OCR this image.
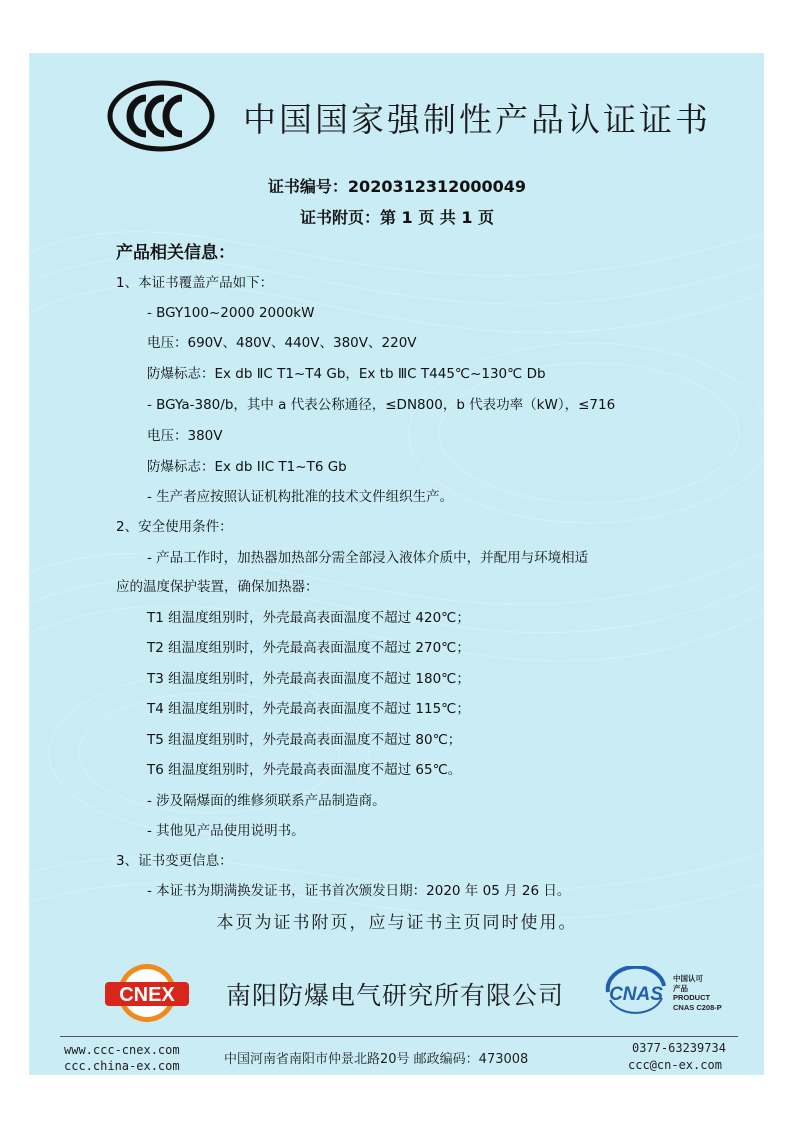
中国国家强制性产品认证证书
证书编号：2020312312000049
证书附页：第 1 页 共 1 页
产品相关信息：
1、本证书覆盖产品如下：
- BGY100~2000 2000kW
电压：690V、480V、440V、380V、220V
防爆标志：Ex db ⅡC T1~T4 Gb，Ex tb ⅢC T445℃~130℃ Db
- BGYa-380/b，其中 a 代表公称通径，≤DN800，b 代表功率（kW），≤716
电压：380V
防爆标志：Ex db IIC T1~T6 Gb
- 生产者应按照认证机构批准的技术文件组织生产。
2、安全使用条件：
- 产品工作时，加热器加热部分需全部浸入液体介质中，并配用与环境相适
应的温度保护装置，确保加热器：
T1 组温度组别时，外壳最高表面温度不超过 420℃；
T2 组温度组别时，外壳最高表面温度不超过 270℃；
T3 组温度组别时，外壳最高表面温度不超过 180℃；
T4 组温度组别时，外壳最高表面温度不超过 115℃；
T5 组温度组别时，外壳最高表面温度不超过 80℃；
T6 组温度组别时，外壳最高表面温度不超过 65℃。
- 涉及隔爆面的维修须联系产品制造商。
- 其他见产品使用说明书。
3、证书变更信息：
- 本证书为期满换发证书，证书首次颁发日期：2020 年 05 月 26 日。
本页为证书附页，应与证书主页同时使用。
CNEX 南阳防爆电气研究所有限公司 CNAS
中国认可
产品
PRODUCT
CNAS C208-P
www.ccc-cnex.com
ccc.china-ex.com	中国河南省南阳市仲景北路20号 邮政编码：473008
0377-63239734
ccc@cn-ex.com
